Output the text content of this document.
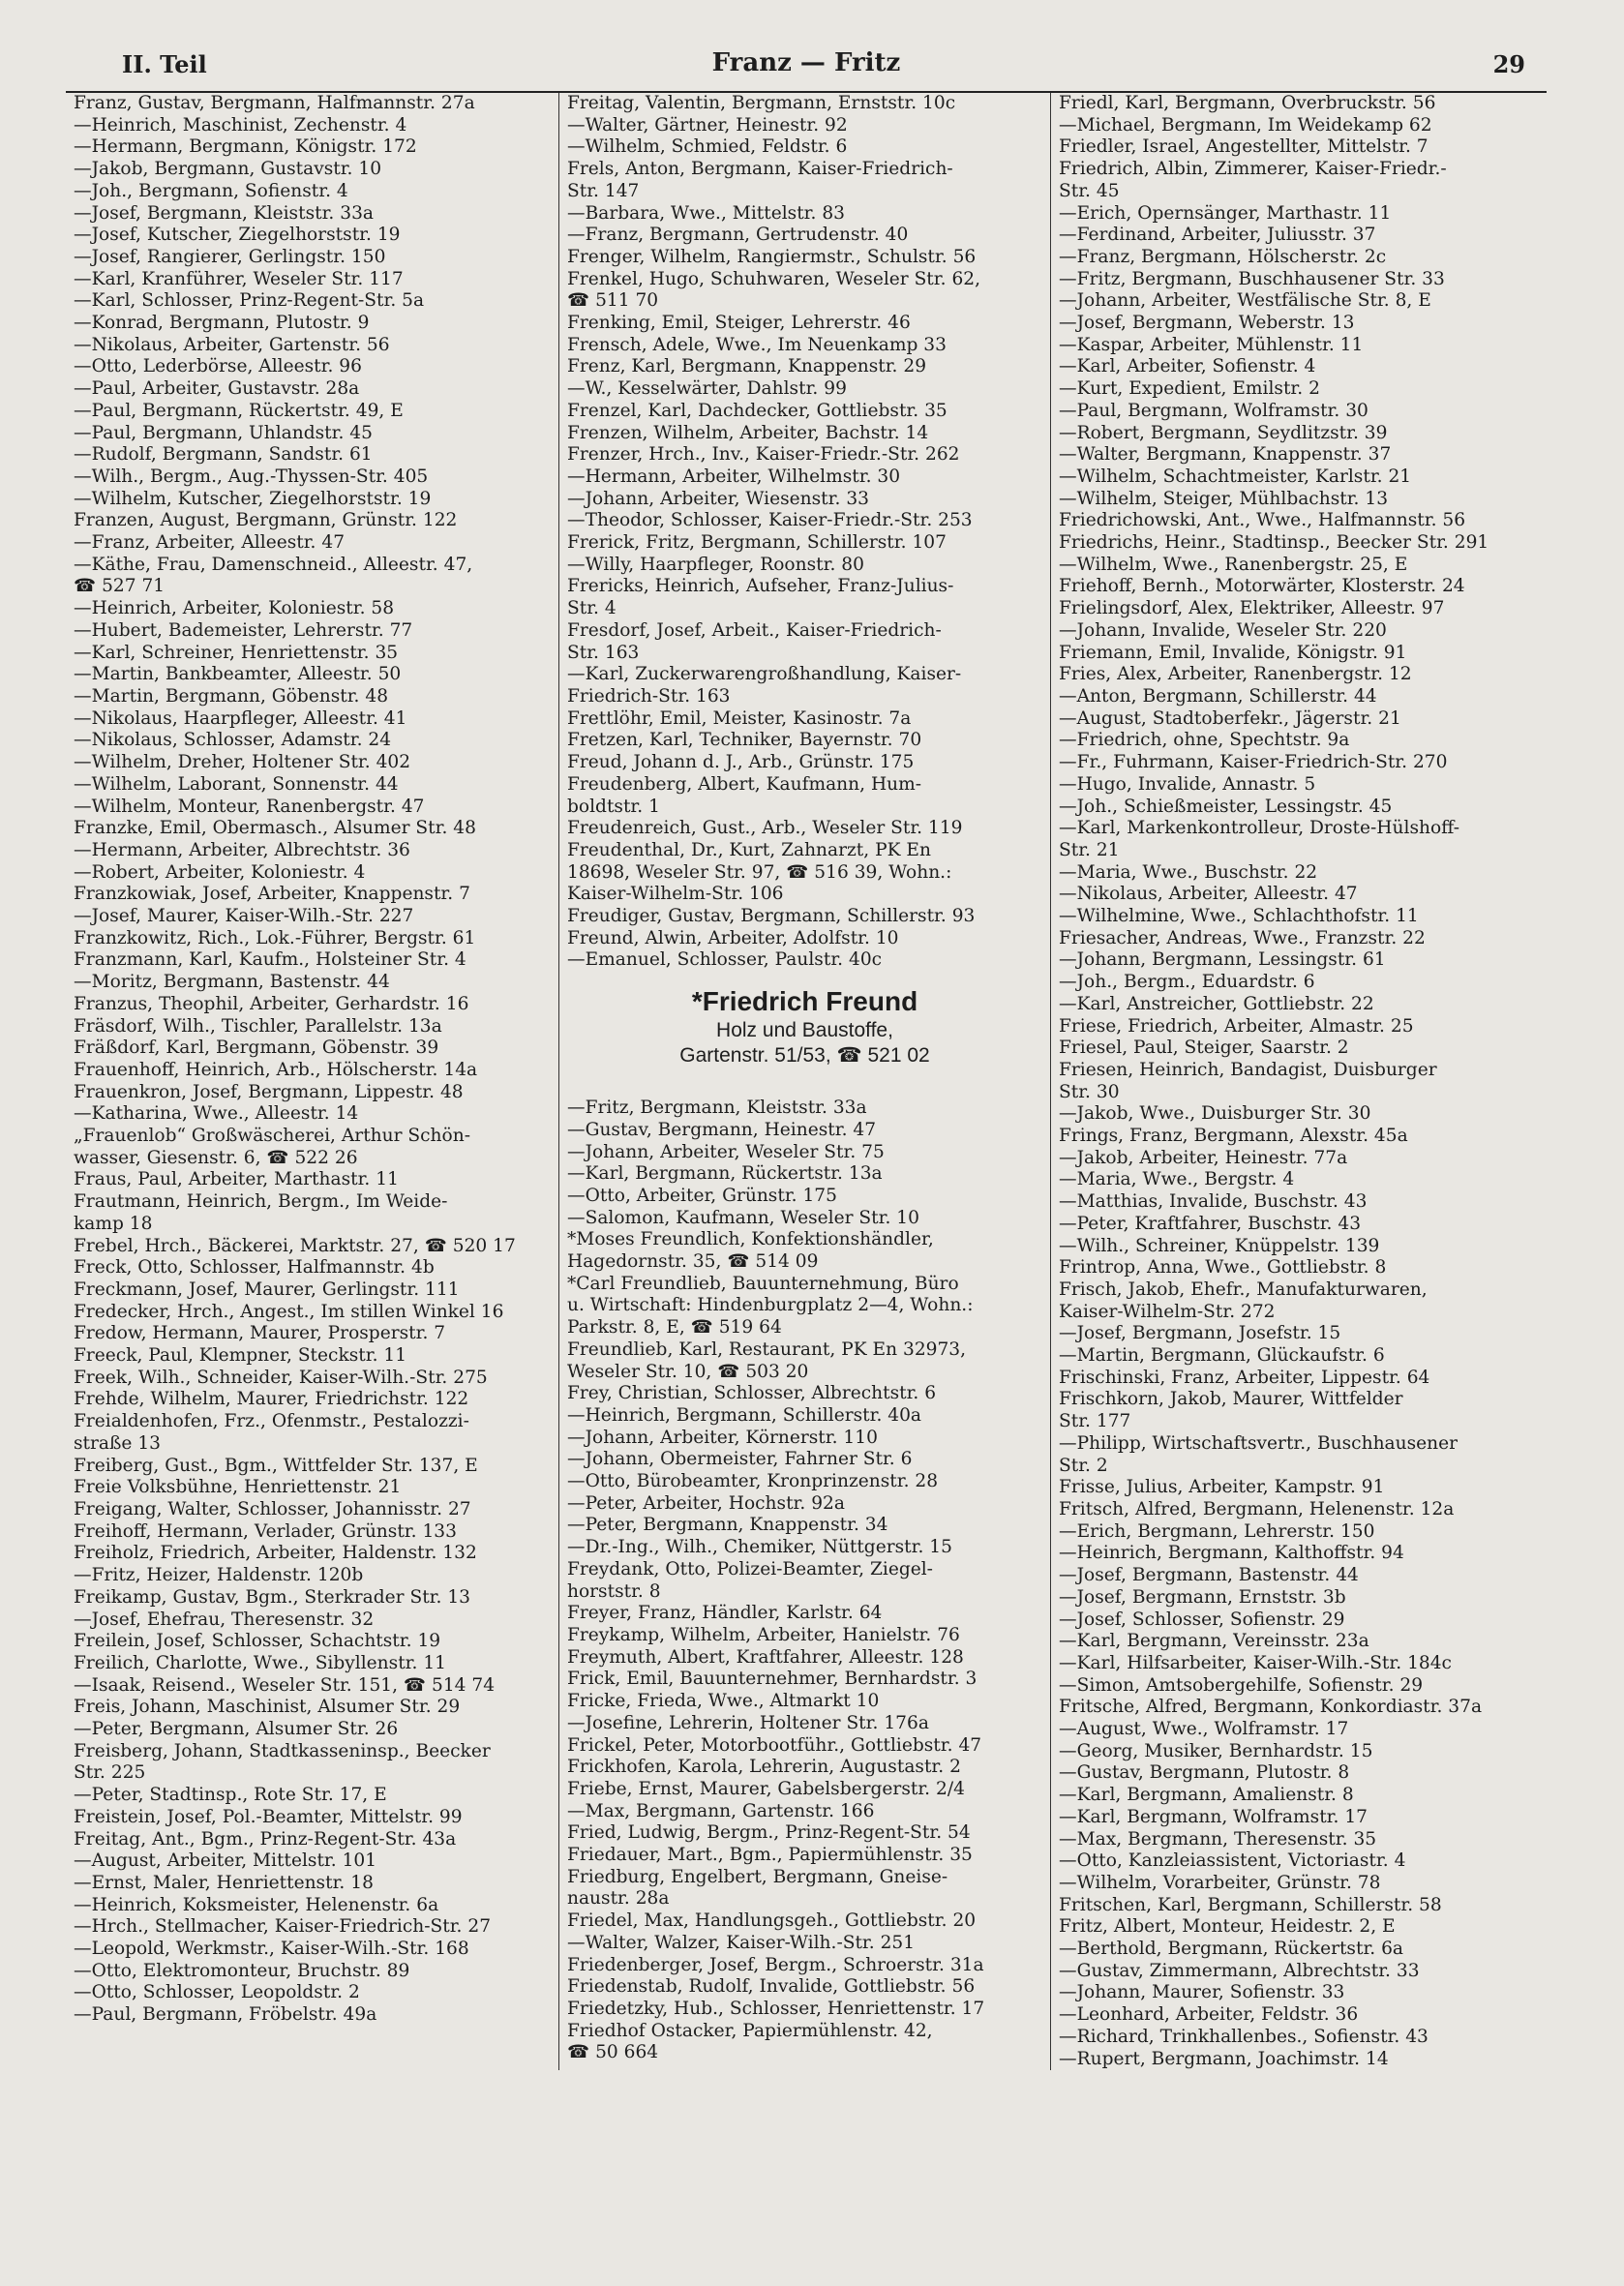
II. Teil	Franz — Fritz	29
Franz, Gustav, Bergmann, Halfmannstr. 27a
—Heinrich, Maschinist, Zechenstr. 4
—Hermann, Bergmann, Königstr. 172
—Jakob, Bergmann, Gustavstr. 10
—Joh., Bergmann, Sofienstr. 4
—Josef, Bergmann, Kleiststr. 33a
—Josef, Kutscher, Ziegelhorststr. 19
—Josef, Rangierer, Gerlingstr. 150
—Karl, Kranführer, Weseler Str. 117
—Karl, Schlosser, Prinz-Regent-Str. 5a
—Konrad, Bergmann, Plutostr. 9
—Nikolaus, Arbeiter, Gartenstr. 56
—Otto, Lederbörse, Alleestr. 96
—Paul, Arbeiter, Gustavstr. 28a
—Paul, Bergmann, Rückertstr. 49, E
—Paul, Bergmann, Uhlandstr. 45
—Rudolf, Bergmann, Sandstr. 61
—Wilh., Bergm., Aug.-Thyssen-Str. 405
—Wilhelm, Kutscher, Ziegelhorststr. 19
Franzen, August, Bergmann, Grünstr. 122
—Franz, Arbeiter, Alleestr. 47
—Käthe, Frau, Damenschneid., Alleestr. 47,
☎ 527 71
—Heinrich, Arbeiter, Koloniestr. 58
—Hubert, Bademeister, Lehrerstr. 77
—Karl, Schreiner, Henriettenstr. 35
—Martin, Bankbeamter, Alleestr. 50
—Martin, Bergmann, Göbenstr. 48
—Nikolaus, Haarpfleger, Alleestr. 41
—Nikolaus, Schlosser, Adamstr. 24
—Wilhelm, Dreher, Holtener Str. 402
—Wilhelm, Laborant, Sonnenstr. 44
—Wilhelm, Monteur, Ranenbergstr. 47
Franzke, Emil, Obermasch., Alsumer Str. 48
—Hermann, Arbeiter, Albrechtstr. 36
—Robert, Arbeiter, Koloniestr. 4
Franzkowiak, Josef, Arbeiter, Knappenstr. 7
—Josef, Maurer, Kaiser-Wilh.-Str. 227
Franzkowitz, Rich., Lok.-Führer, Bergstr. 61
Franzmann, Karl, Kaufm., Holsteiner Str. 4
—Moritz, Bergmann, Bastenstr. 44
Franzus, Theophil, Arbeiter, Gerhardstr. 16
Fräsdorf, Wilh., Tischler, Parallelstr. 13a
Fräßdorf, Karl, Bergmann, Göbenstr. 39
Frauenhoff, Heinrich, Arb., Hölscherstr. 14a
Frauenkron, Josef, Bergmann, Lippestr. 48
—Katharina, Wwe., Alleestr. 14
„Frauenlob“ Großwäscherei, Arthur Schön-
wasser, Giesenstr. 6, ☎ 522 26
Fraus, Paul, Arbeiter, Marthastr. 11
Frautmann, Heinrich, Bergm., Im Weide-
kamp 18
Frebel, Hrch., Bäckerei, Marktstr. 27, ☎ 520 17
Freck, Otto, Schlosser, Halfmannstr. 4b
Freckmann, Josef, Maurer, Gerlingstr. 111
Fredecker, Hrch., Angest., Im stillen Winkel 16
Fredow, Hermann, Maurer, Prosperstr. 7
Freeck, Paul, Klempner, Steckstr. 11
Freek, Wilh., Schneider, Kaiser-Wilh.-Str. 275
Frehde, Wilhelm, Maurer, Friedrichstr. 122
Freialdenhofen, Frz., Ofenmstr., Pestalozzi-
straße 13
Freiberg, Gust., Bgm., Wittfelder Str. 137, E
Freie Volksbühne, Henriettenstr. 21
Freigang, Walter, Schlosser, Johannisstr. 27
Freihoff, Hermann, Verlader, Grünstr. 133
Freiholz, Friedrich, Arbeiter, Haldenstr. 132
—Fritz, Heizer, Haldenstr. 120b
Freikamp, Gustav, Bgm., Sterkrader Str. 13
—Josef, Ehefrau, Theresenstr. 32
Freilein, Josef, Schlosser, Schachtstr. 19
Freilich, Charlotte, Wwe., Sibyllenstr. 11
—Isaak, Reisend., Weseler Str. 151, ☎ 514 74
Freis, Johann, Maschinist, Alsumer Str. 29
—Peter, Bergmann, Alsumer Str. 26
Freisberg, Johann, Stadtkasseninsp., Beecker
Str. 225
—Peter, Stadtinsp., Rote Str. 17, E
Freistein, Josef, Pol.-Beamter, Mittelstr. 99
Freitag, Ant., Bgm., Prinz-Regent-Str. 43a
—August, Arbeiter, Mittelstr. 101
—Ernst, Maler, Henriettenstr. 18
—Heinrich, Koksmeister, Helenenstr. 6a
—Hrch., Stellmacher, Kaiser-Friedrich-Str. 27
—Leopold, Werkmstr., Kaiser-Wilh.-Str. 168
—Otto, Elektromonteur, Bruchstr. 89
—Otto, Schlosser, Leopoldstr. 2
—Paul, Bergmann, Fröbelstr. 49a
Freitag, Valentin, Bergmann, Ernststr. 10c
—Walter, Gärtner, Heinestr. 92
—Wilhelm, Schmied, Feldstr. 6
Frels, Anton, Bergmann, Kaiser-Friedrich-
Str. 147
—Barbara, Wwe., Mittelstr. 83
—Franz, Bergmann, Gertrudenstr. 40
Frenger, Wilhelm, Rangiermstr., Schulstr. 56
Frenkel, Hugo, Schuhwaren, Weseler Str. 62,
☎ 511 70
Frenking, Emil, Steiger, Lehrerstr. 46
Frensch, Adele, Wwe., Im Neuenkamp 33
Frenz, Karl, Bergmann, Knappenstr. 29
—W., Kesselwärter, Dahlstr. 99
Frenzel, Karl, Dachdecker, Gottliebstr. 35
Frenzen, Wilhelm, Arbeiter, Bachstr. 14
Frenzer, Hrch., Inv., Kaiser-Friedr.-Str. 262
—Hermann, Arbeiter, Wilhelmstr. 30
—Johann, Arbeiter, Wiesenstr. 33
—Theodor, Schlosser, Kaiser-Friedr.-Str. 253
Frerick, Fritz, Bergmann, Schillerstr. 107
—Willy, Haarpfleger, Roonstr. 80
Frericks, Heinrich, Aufseher, Franz-Julius-
Str. 4
Fresdorf, Josef, Arbeit., Kaiser-Friedrich-
Str. 163
—Karl, Zuckerwarengroßhandlung, Kaiser-
Friedrich-Str. 163
Frettlöhr, Emil, Meister, Kasinostr. 7a
Fretzen, Karl, Techniker, Bayernstr. 70
Freud, Johann d. J., Arb., Grünstr. 175
Freudenberg, Albert, Kaufmann, Hum-
boldtstr. 1
Freudenreich, Gust., Arb., Weseler Str. 119
Freudenthal, Dr., Kurt, Zahnarzt, PK En
18698, Weseler Str. 97, ☎ 516 39, Wohn.:
Kaiser-Wilhelm-Str. 106
Freudiger, Gustav, Bergmann, Schillerstr. 93
Freund, Alwin, Arbeiter, Adolfstr. 10
—Emanuel, Schlosser, Paulstr. 40c
*Friedrich Freund
Holz und Baustoffe,
Gartenstr. 51/53, ☎ 521 02
—Fritz, Bergmann, Kleiststr. 33a
—Gustav, Bergmann, Heinestr. 47
—Johann, Arbeiter, Weseler Str. 75
—Karl, Bergmann, Rückertstr. 13a
—Otto, Arbeiter, Grünstr. 175
—Salomon, Kaufmann, Weseler Str. 10
*Moses Freundlich, Konfektionshändler,
Hagedornstr. 35, ☎ 514 09
*Carl Freundlieb, Bauunternehmung, Büro
u. Wirtschaft: Hindenburgplatz 2—4, Wohn.:
Parkstr. 8, E, ☎ 519 64
Freundlieb, Karl, Restaurant, PK En 32973,
Weseler Str. 10, ☎ 503 20
Frey, Christian, Schlosser, Albrechtstr. 6
—Heinrich, Bergmann, Schillerstr. 40a
—Johann, Arbeiter, Körnerstr. 110
—Johann, Obermeister, Fahrner Str. 6
—Otto, Bürobeamter, Kronprinzenstr. 28
—Peter, Arbeiter, Hochstr. 92a
—Peter, Bergmann, Knappenstr. 34
—Dr.-Ing., Wilh., Chemiker, Nüttgerstr. 15
Freydank, Otto, Polizei-Beamter, Ziegel-
horststr. 8
Freyer, Franz, Händler, Karlstr. 64
Freykamp, Wilhelm, Arbeiter, Hanielstr. 76
Freymuth, Albert, Kraftfahrer, Alleestr. 128
Frick, Emil, Bauunternehmer, Bernhardstr. 3
Fricke, Frieda, Wwe., Altmarkt 10
—Josefine, Lehrerin, Holtener Str. 176a
Frickel, Peter, Motorbootführ., Gottliebstr. 47
Frickhofen, Karola, Lehrerin, Augustastr. 2
Friebe, Ernst, Maurer, Gabelsbergerstr. 2/4
—Max, Bergmann, Gartenstr. 166
Fried, Ludwig, Bergm., Prinz-Regent-Str. 54
Friedauer, Mart., Bgm., Papiermühlenstr. 35
Friedburg, Engelbert, Bergmann, Gneise-
naustr. 28a
Friedel, Max, Handlungsgeh., Gottliebstr. 20
—Walter, Walzer, Kaiser-Wilh.-Str. 251
Friedenberger, Josef, Bergm., Schroerstr. 31a
Friedenstab, Rudolf, Invalide, Gottliebstr. 56
Friedetzky, Hub., Schlosser, Henriettenstr. 17
Friedhof Ostacker, Papiermühlenstr. 42,
☎ 50 664
Friedl, Karl, Bergmann, Overbruckstr. 56
—Michael, Bergmann, Im Weidekamp 62
Friedler, Israel, Angestellter, Mittelstr. 7
Friedrich, Albin, Zimmerer, Kaiser-Friedr.-
Str. 45
—Erich, Opernsänger, Marthastr. 11
—Ferdinand, Arbeiter, Juliusstr. 37
—Franz, Bergmann, Hölscherstr. 2c
—Fritz, Bergmann, Buschhausener Str. 33
—Johann, Arbeiter, Westfälische Str. 8, E
—Josef, Bergmann, Weberstr. 13
—Kaspar, Arbeiter, Mühlenstr. 11
—Karl, Arbeiter, Sofienstr. 4
—Kurt, Expedient, Emilstr. 2
—Paul, Bergmann, Wolframstr. 30
—Robert, Bergmann, Seydlitzstr. 39
—Walter, Bergmann, Knappenstr. 37
—Wilhelm, Schachtmeister, Karlstr. 21
—Wilhelm, Steiger, Mühlbachstr. 13
Friedrichowski, Ant., Wwe., Halfmannstr. 56
Friedrichs, Heinr., Stadtinsp., Beecker Str. 291
—Wilhelm, Wwe., Ranenbergstr. 25, E
Friehoff, Bernh., Motorwärter, Klosterstr. 24
Frielingsdorf, Alex, Elektriker, Alleestr. 97
—Johann, Invalide, Weseler Str. 220
Friemann, Emil, Invalide, Königstr. 91
Fries, Alex, Arbeiter, Ranenbergstr. 12
—Anton, Bergmann, Schillerstr. 44
—August, Stadtoberfekr., Jägerstr. 21
—Friedrich, ohne, Spechtstr. 9a
—Fr., Fuhrmann, Kaiser-Friedrich-Str. 270
—Hugo, Invalide, Annastr. 5
—Joh., Schießmeister, Lessingstr. 45
—Karl, Markenkontrolleur, Droste-Hülshoff-
Str. 21
—Maria, Wwe., Buschstr. 22
—Nikolaus, Arbeiter, Alleestr. 47
—Wilhelmine, Wwe., Schlachthofstr. 11
Friesacher, Andreas, Wwe., Franzstr. 22
—Johann, Bergmann, Lessingstr. 61
—Joh., Bergm., Eduardstr. 6
—Karl, Anstreicher, Gottliebstr. 22
Friese, Friedrich, Arbeiter, Almastr. 25
Friesel, Paul, Steiger, Saarstr. 2
Friesen, Heinrich, Bandagist, Duisburger
Str. 30
—Jakob, Wwe., Duisburger Str. 30
Frings, Franz, Bergmann, Alexstr. 45a
—Jakob, Arbeiter, Heinestr. 77a
—Maria, Wwe., Bergstr. 4
—Matthias, Invalide, Buschstr. 43
—Peter, Kraftfahrer, Buschstr. 43
—Wilh., Schreiner, Knüppelstr. 139
Frintrop, Anna, Wwe., Gottliebstr. 8
Frisch, Jakob, Ehefr., Manufakturwaren,
Kaiser-Wilhelm-Str. 272
—Josef, Bergmann, Josefstr. 15
—Martin, Bergmann, Glückaufstr. 6
Frischinski, Franz, Arbeiter, Lippestr. 64
Frischkorn, Jakob, Maurer, Wittfelder
Str. 177
—Philipp, Wirtschaftsvertr., Buschhausener
Str. 2
Frisse, Julius, Arbeiter, Kampstr. 91
Fritsch, Alfred, Bergmann, Helenenstr. 12a
—Erich, Bergmann, Lehrerstr. 150
—Heinrich, Bergmann, Kalthoffstr. 94
—Josef, Bergmann, Bastenstr. 44
—Josef, Bergmann, Ernststr. 3b
—Josef, Schlosser, Sofienstr. 29
—Karl, Bergmann, Vereinsstr. 23a
—Karl, Hilfsarbeiter, Kaiser-Wilh.-Str. 184c
—Simon, Amtsobergehilfe, Sofienstr. 29
Fritsche, Alfred, Bergmann, Konkordiastr. 37a
—August, Wwe., Wolframstr. 17
—Georg, Musiker, Bernhardstr. 15
—Gustav, Bergmann, Plutostr. 8
—Karl, Bergmann, Amalienstr. 8
—Karl, Bergmann, Wolframstr. 17
—Max, Bergmann, Theresenstr. 35
—Otto, Kanzleiassistent, Victoriastr. 4
—Wilhelm, Vorarbeiter, Grünstr. 78
Fritschen, Karl, Bergmann, Schillerstr. 58
Fritz, Albert, Monteur, Heidestr. 2, E
—Berthold, Bergmann, Rückertstr. 6a
—Gustav, Zimmermann, Albrechtstr. 33
—Johann, Maurer, Sofienstr. 33
—Leonhard, Arbeiter, Feldstr. 36
—Richard, Trinkhallenbes., Sofienstr. 43
—Rupert, Bergmann, Joachimstr. 14
